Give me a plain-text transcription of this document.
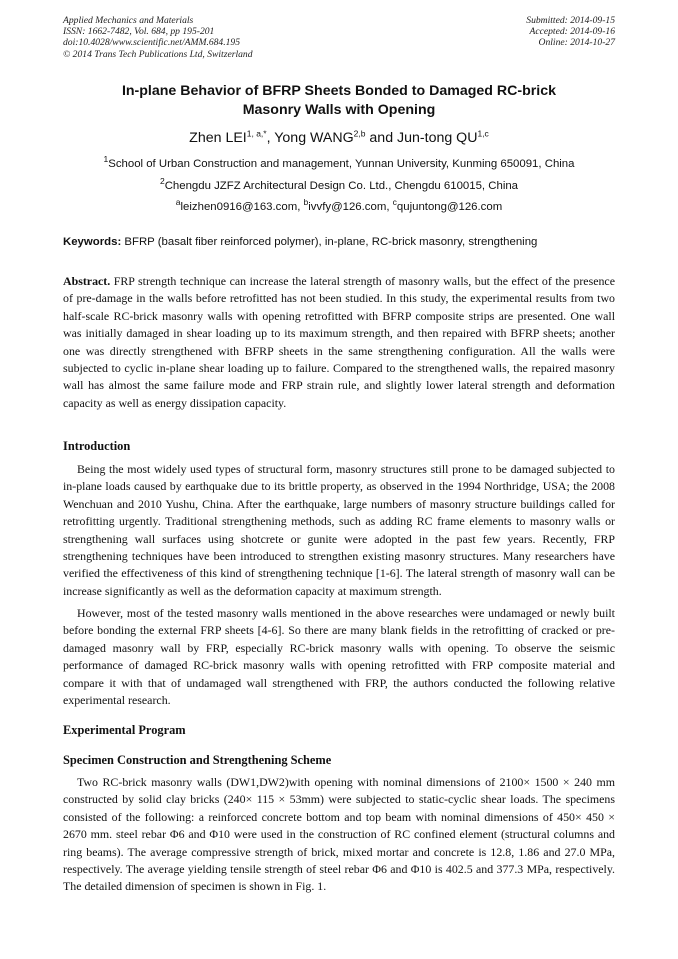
Applied Mechanics and Materials
ISSN: 1662-7482, Vol. 684, pp 195-201
doi:10.4028/www.scientific.net/AMM.684.195
© 2014 Trans Tech Publications Ltd, Switzerland
Submitted: 2014-09-15
Accepted: 2014-09-16
Online: 2014-10-27
In-plane Behavior of BFRP Sheets Bonded to Damaged RC-brick
Masonry Walls with Opening
Zhen $LEI^{1, a,*}$, Yong WANG$^{2,b}$ and Jun-tong QU$^{1,c}$
$^1$School of Urban Construction and management, Yunnan University, Kunming 650091, China
$^2$Chengdu JZFZ Architectural Design Co. Ltd., Chengdu 610015, China
$^a$leizhen0916@163.com, $^b$ivvfy@126.com, $^c$qujuntong@126.com
Keywords: BFRP (basalt fiber reinforced polymer), in-plane, RC-brick masonry, strengthening

Abstract. FRP strength technique can increase the lateral strength of masonry walls, but the effect of the presence of pre-damage in the walls before retrofitted has not been studied. In this study, the experimental results from two half-scale RC-brick masonry walls with opening retrofitted with BFRP composite strips are presented. One wall was initially damaged in shear loading up to its maximum strength, and then repaired with BFRP sheets; another one was directly strengthened with BFRP sheets in the same strengthening configuration. All the walls were subjected to cyclic in-plane shear loading up to failure. Compared to the strengthened walls, the repaired masonry wall has almost the same failure mode and FRP strain rule, and slightly lower lateral strength and deformation capacity as well as energy dissipation capacity.

Introduction

Being the most widely used types of structural form, masonry structures still prone to be damaged subjected to in-plane loads caused by earthquake due to its brittle property, as observed in the 1994 Northridge, USA; the 2008 Wenchuan and 2010 Yushu, China. After the earthquake, large numbers of masonry structure buildings called for retrofitting urgently. Traditional strengthening methods, such as adding RC frame elements to masonry walls or strengthening wall surfaces using shotcrete or gunite were adopted in the past few years. Recently, FRP strengthening techniques have been introduced to strengthen existing masonry structures. Many researchers have verified the effectiveness of this kind of strengthening technique [1-6]. The lateral strength of masonry wall can be increase significantly as well as the deformation capacity at maximum strength.

However, most of the tested masonry walls mentioned in the above researches were undamaged or newly built before bonding the external FRP sheets [4-6]. So there are many blank fields in the retrofitting of cracked or pre-damaged masonry wall by FRP, especially RC-brick masonry walls with opening. To observe the seismic performance of damaged RC-brick masonry walls with opening retrofitted with FRP composite material and compare it with that of undamaged wall strengthened with FRP, the authors conducted the following relative experimental research.

Experimental Program
Specimen Construction and Strengthening Scheme

Two RC-brick masonry walls (DW1,DW2)with opening with nominal dimensions of 2100× 1500 × 240 mm constructed by solid clay bricks (240× 115 × 53mm) were subjected to static-cyclic shear loads. The specimens consisted of the following: a reinforced concrete bottom and top beam with nominal dimensions of 450× 450 × 2670 mm. steel rebar Φ6 and Φ10 were used in the construction of RC confined element (structural columns and ring beams). The average compressive strength of brick, mixed mortar and concrete is 12.8, 1.86 and 27.0 MPa, respectively. The average yielding tensile strength of steel rebar Φ6 and Φ10 is 402.5 and 377.3 MPa, respectively. The detailed dimension of specimen is shown in Fig. 1.
